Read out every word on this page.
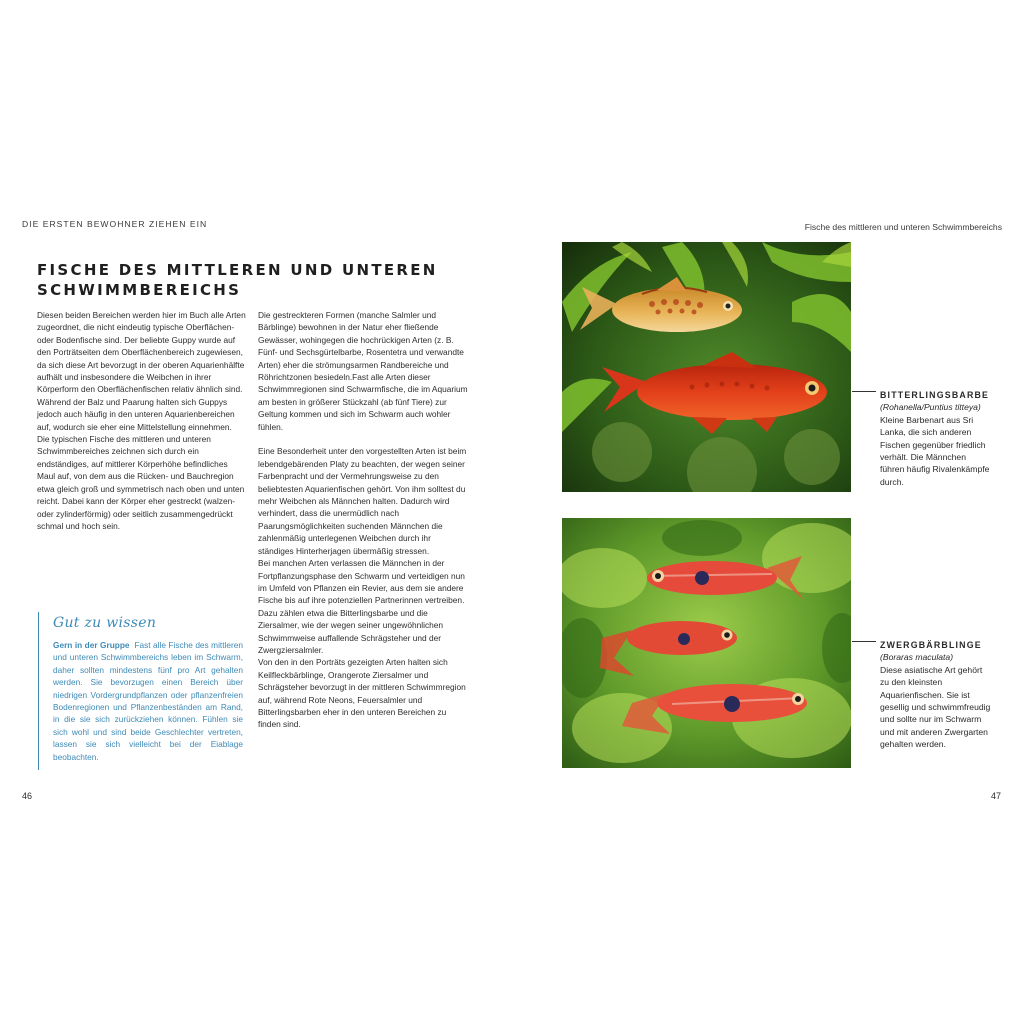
DIE ERSTEN BEWOHNER ZIEHEN EIN	Fische des mittleren und unteren Schwimmbereichs
FISCHE DES MITTLEREN UND UNTEREN
SCHWIMMBEREICHS

Diesen beiden Bereichen werden hier im Buch alle Arten zugeordnet, die nicht eindeutig typische Oberflächen- oder Bodenfische sind. Der beliebte Guppy wurde auf den Porträtseiten dem Oberflächenbereich zugewiesen, da sich diese Art bevorzugt in der oberen Aquarienhälfte aufhält und insbesondere die Weibchen in ihrer Körperform den Oberflächenfischen relativ ähnlich sind. Während der Balz und Paarung halten sich Guppys jedoch auch häufig in den unteren Aquarienbereichen auf, wodurch sie eher eine Mittelstellung einnehmen.

Die typischen Fische des mittleren und unteren Schwimmbereiches zeichnen sich durch ein endständiges, auf mittlerer Körperhöhe befindliches Maul auf, von dem aus die Rücken- und Bauchregion etwa gleich groß und symmetrisch nach oben und unten reicht. Dabei kann der Körper eher gestreckt (walzen- oder zylinderförmig) oder seitlich zusammengedrückt schmal und hoch sein.

Die gestreckteren Formen (manche Salmler und Bärblinge) bewohnen in der Natur eher fließende Gewässer, wohingegen die hochrückigen Arten (z. B. Fünf- und Sechsgürtelbarbe, Rosentetra und verwandte Arten) eher die strömungsarmen Randbereiche und Röhrichtzonen besiedeln.Fast alle Arten dieser Schwimmregionen sind Schwarmfische, die im Aquarium am besten in größerer Stückzahl (ab fünf Tiere) zur Geltung kommen und sich im Schwarm auch wohler fühlen.

Eine Besonderheit unter den vorgestellten Arten ist beim lebendgebärenden Platy zu beachten, der wegen seiner Farbenpracht und der Vermehrungsweise zu den beliebtesten Aquarienfischen gehört. Von ihm solltest du mehr Weibchen als Männchen halten. Dadurch wird verhindert, dass die unermüdlich nach Paarungsmöglichkeiten suchenden Männchen die zahlenmäßig unterlegenen Weibchen durch ihr ständiges Hinterherjagen übermäßig stressen.

Bei manchen Arten verlassen die Männchen in der Fortpflanzungsphase den Schwarm und verteidigen nun im Umfeld von Pflanzen ein Revier, aus dem sie andere Fische bis auf ihre potenziellen Partnerinnen vertreiben. Dazu zählen etwa die Bitterlingsbarbe und die Ziersalmer, wie der wegen seiner ungewöhnlichen Schwimmweise auffallende Schrägsteher und der Zwergziersalmler.

Von den in den Porträts gezeigten Arten halten sich Keilfleckbärblinge, Orangerote Ziersalmer und Schrägsteher bevorzugt in der mittleren Schwimmregion auf, während Rote Neons, Feuersalmler und Bitterlingsbarben eher in den unteren Bereichen zu finden sind.

Gut zu wissen
Gern in der Gruppe Fast alle Fische des mittleren und unteren Schwimmbereichs leben im Schwarm, daher sollten mindestens fünf pro Art gehalten werden. Sie bevorzugen einen Bereich über niedrigen Vordergrundpflanzen oder pflanzenfreien Bodenregionen und Pflanzenbeständen am Rand, in die sie sich zurückziehen können. Fühlen sie sich wohl und sind beide Geschlechter vertreten, lassen sie sich vielleicht bei der Eiablage beobachten.
46	47
BITTERLINGSBARBE
(Rohanella/Puntius titteya)
Kleine Barbenart aus Sri Lanka, die sich anderen Fischen gegenüber friedlich verhält. Die Männchen führen häufig Rivalenkämpfe durch.
ZWERGBÄRBLINGE
(Boraras maculata)
Diese asiatische Art gehört zu den kleinsten Aquarienfischen. Sie ist gesellig und schwimmfreudig und sollte nur im Schwarm und mit anderen Zwergarten gehalten werden.
